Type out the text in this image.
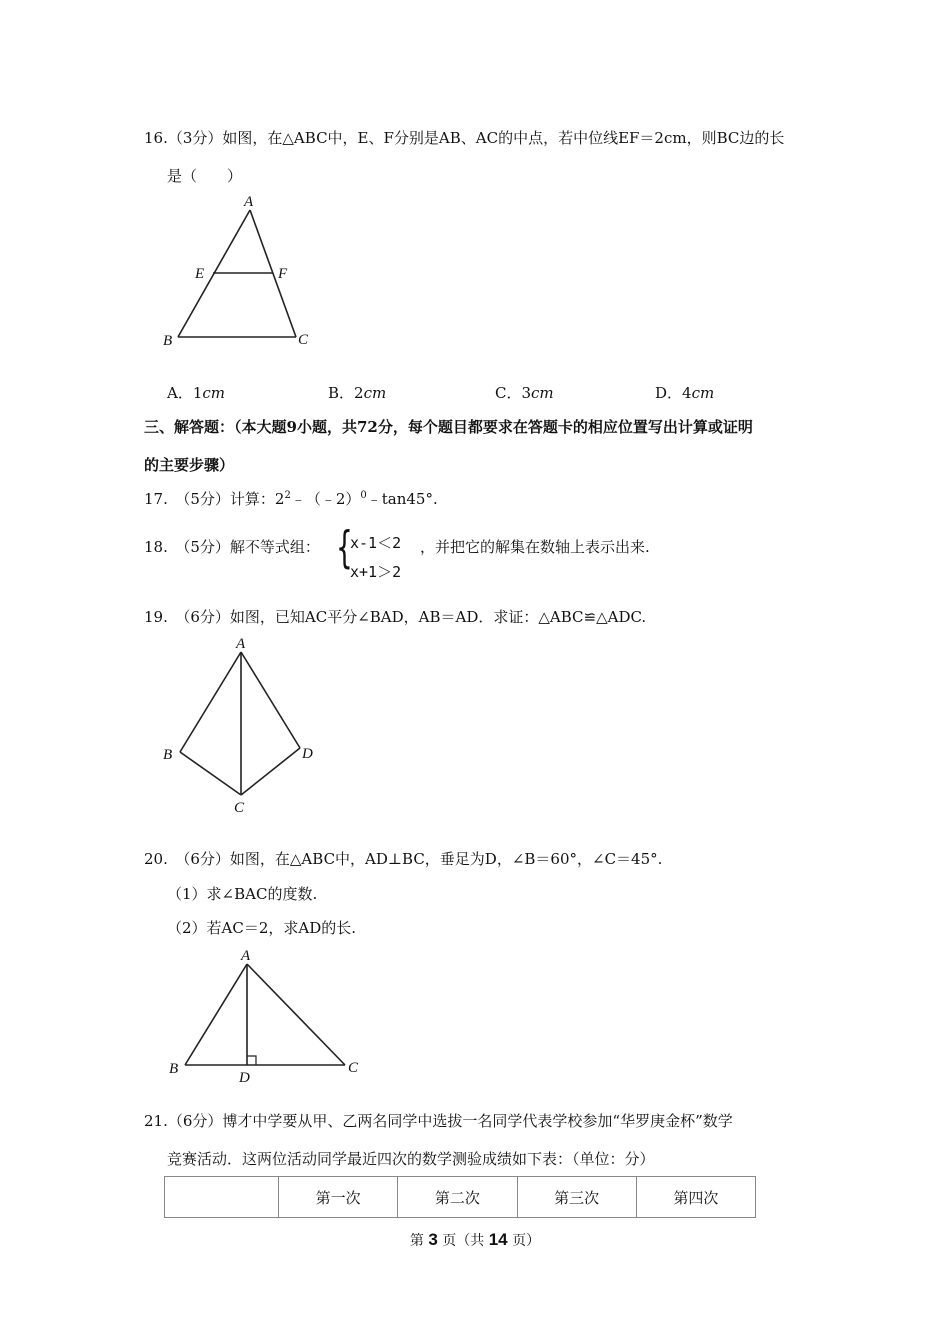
16.（3分）如图，在△ABC中，E、F分别是AB、AC的中点，若中位线EF＝2cm，则BC边的长
是（　　）
A
E	F
B	C
A．1cm	B．2cm	C．3cm	D．4cm
三、解答题：（本大题9小题，共72分，每个题目都要求在答题卡的相应位置写出计算或证明
的主要步骤）
17.　（5分）计算：$2^2﹣(﹣2)^0﹣\tan 45^\circ$.
18.　（5分）解不等式组： {
x-1＜2
x+1＞2
，并把它的解集在数轴上表示出来.
19.　（6分）如图，已知AC平分∠BAD，AB＝AD．求证：△ABC≌△ADC.
A
B
C
D
20.　（6分）如图，在△ABC中，AD⊥BC，垂足为D，∠B＝60°，∠C＝45°.
（1）求∠BAC的度数.
（2）若AC＝2，求AD的长.
A
B
D
C
21.（6分）博才中学要从甲、乙两名同学中选拔一名同学代表学校参加“华罗庚金杯”数学
竞赛活动．这两位活动同学最近四次的数学测验成绩如下表：（单位：分）
	第一次	第二次	第三次	第四次
第 3 页（共 14 页）
